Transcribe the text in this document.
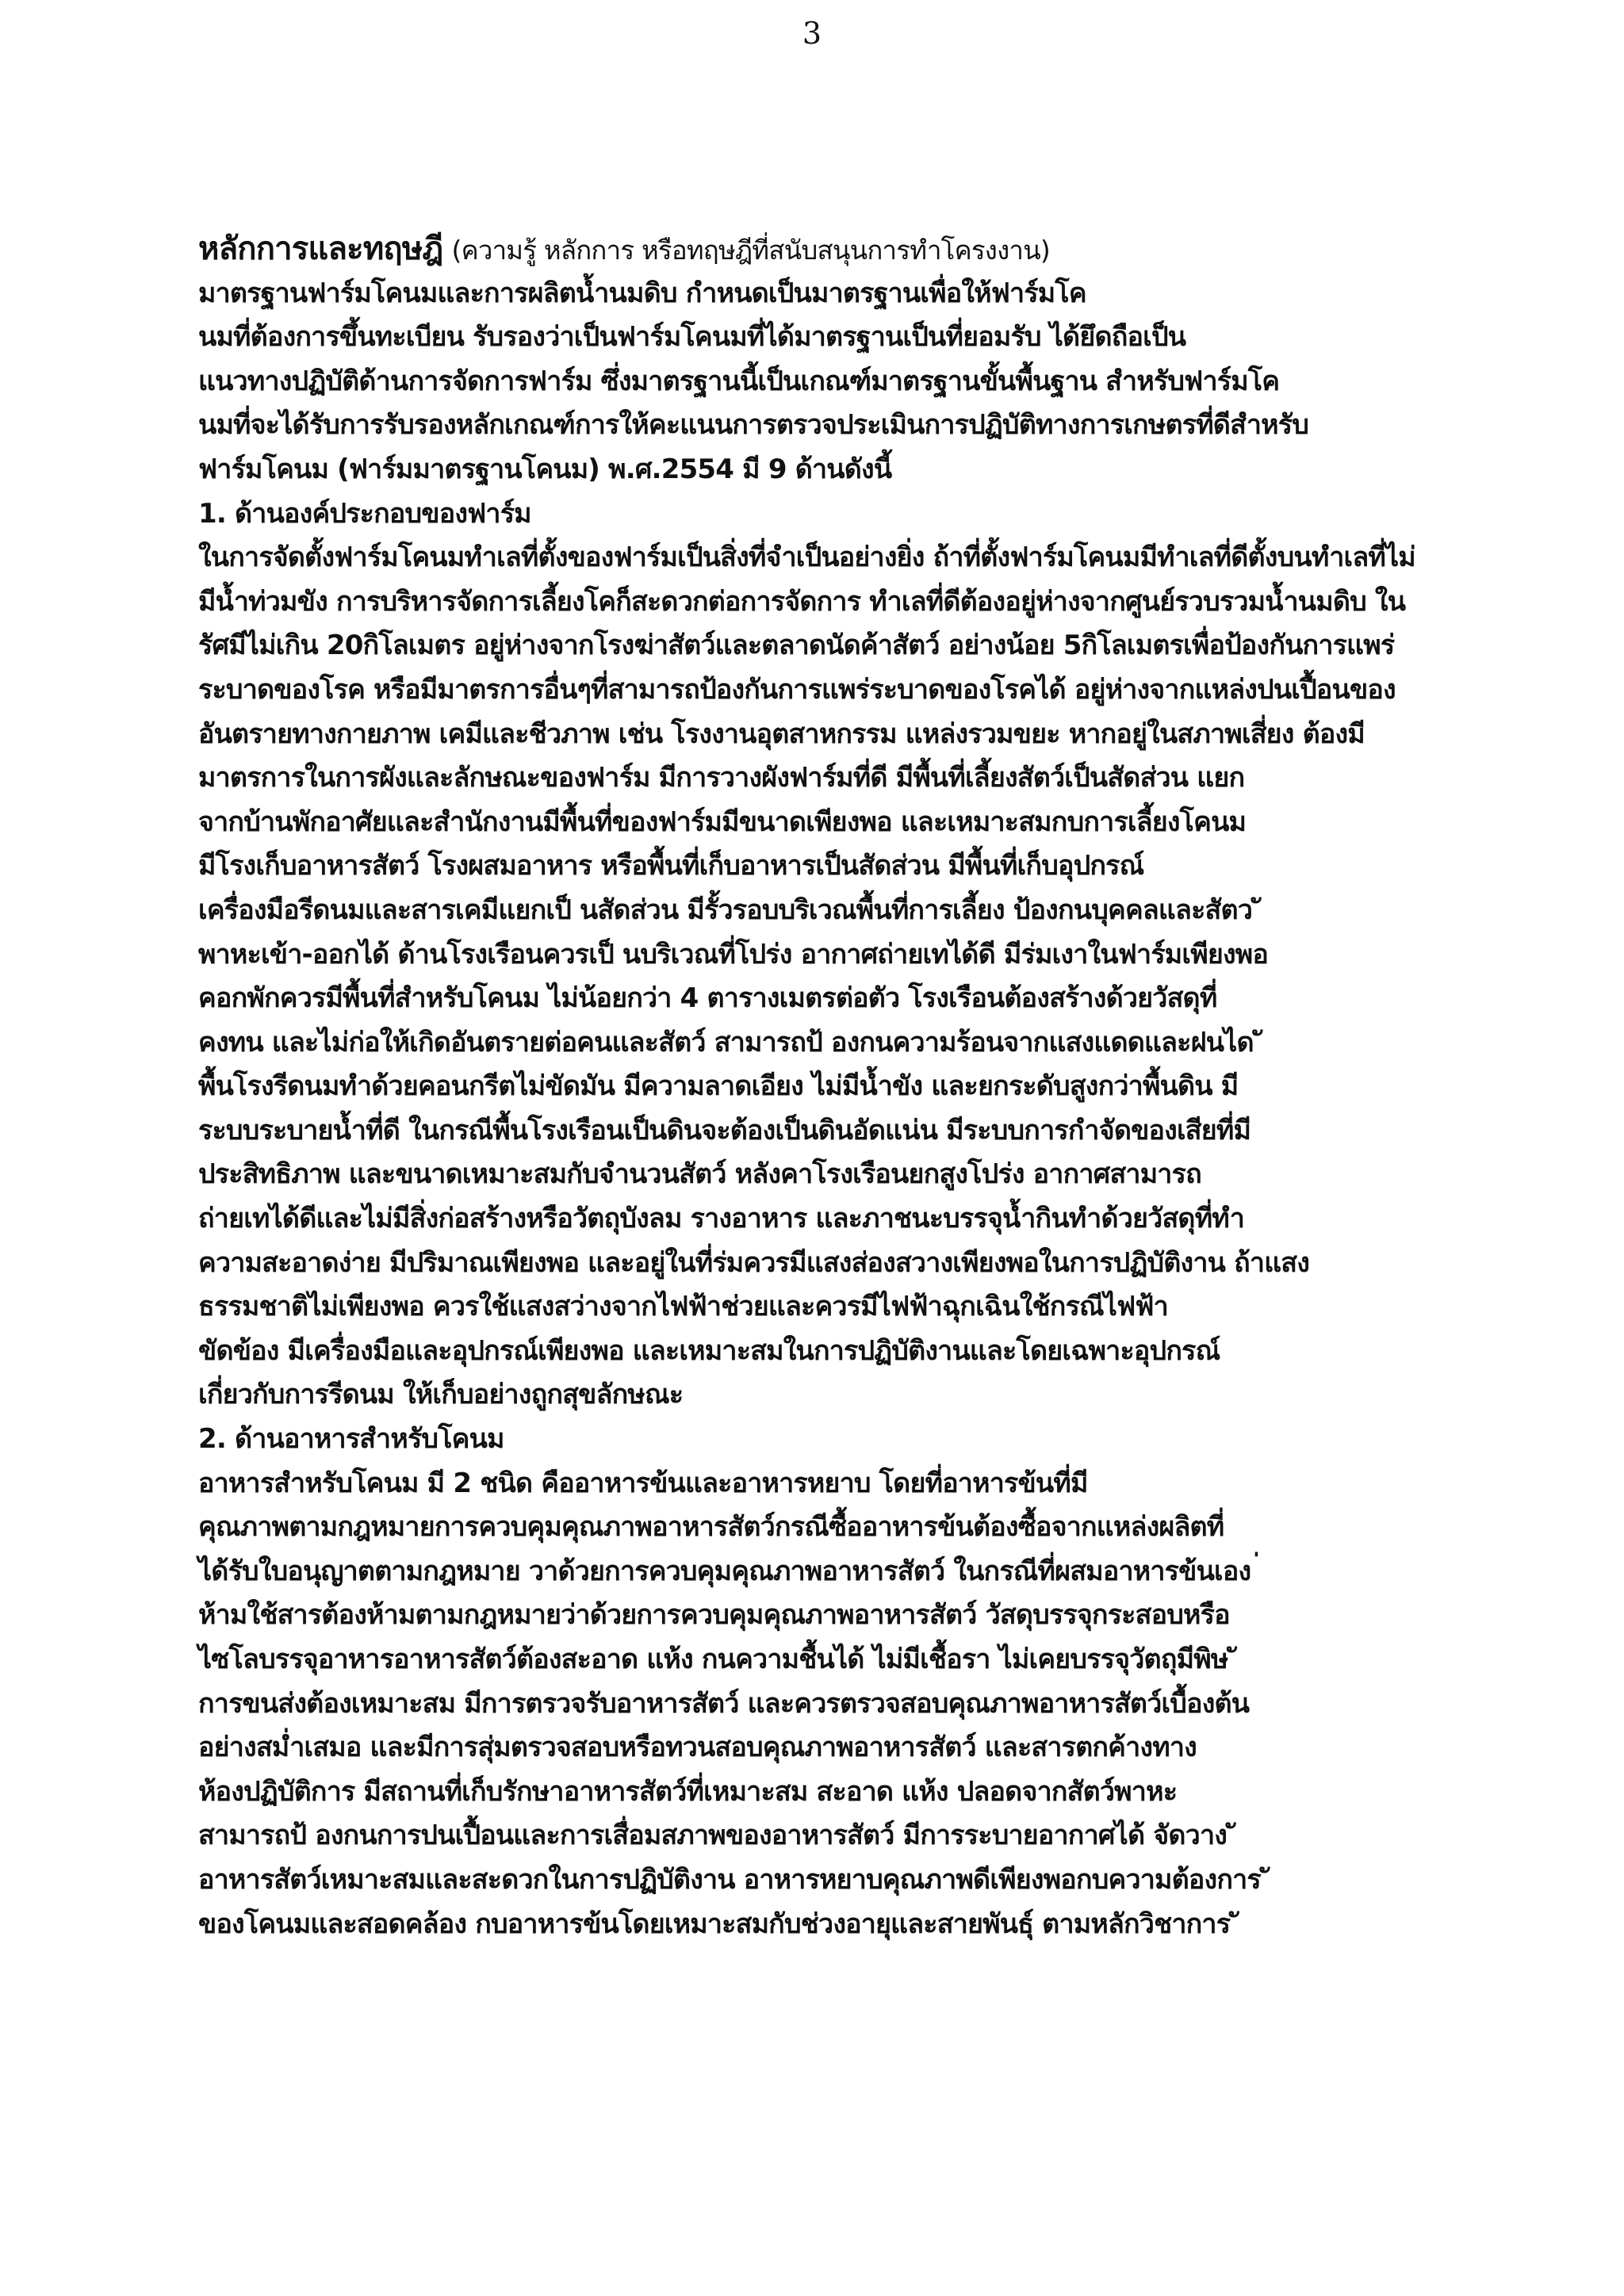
3
หลักการและทฤษฎี (ความรู้ หลักการ หรือทฤษฎีที่สนับสนุนการทำโครงงาน)
มาตรฐานฟาร์มโคนมและการผลิตน้ำนมดิบ กำหนดเป็นมาตรฐานเพื่อให้ฟาร์มโค
นมที่ต้องการขึ้นทะเบียน รับรองว่าเป็นฟาร์มโคนมที่ได้มาตรฐานเป็นที่ยอมรับ ได้ยึดถือเป็น
แนวทางปฏิบัติด้านการจัดการฟาร์ม ซึ่งมาตรฐานนี้เป็นเกณฑ์มาตรฐานขั้นพื้นฐาน สำหรับฟาร์มโค
นมที่จะได้รับการรับรองหลักเกณฑ์การให้คะแนนการตรวจประเมินการปฏิบัติทางการเกษตรที่ดีสำหรับ
ฟาร์มโคนม (ฟาร์มมาตรฐานโคนม) พ.ศ.2554 มี 9 ด้านดังนี้
1. ด้านองค์ประกอบของฟาร์ม
ในการจัดตั้งฟาร์มโคนมทำเลที่ตั้งของฟาร์มเป็นสิ่งที่จำเป็นอย่างยิ่ง ถ้าที่ตั้งฟาร์มโคนมมีทำเลที่ดีตั้งบนทำเลที่ไม่
มีน้ำท่วมขัง การบริหารจัดการเลี้ยงโคก็สะดวกต่อการจัดการ ทำเลที่ดีต้องอยู่ห่างจากศูนย์รวบรวมน้ำนมดิบ ใน
รัศมีไม่เกิน 20กิโลเมตร อยู่ห่างจากโรงฆ่าสัตว์และตลาดนัดค้าสัตว์ อย่างน้อย 5กิโลเมตรเพื่อป้องกันการแพร่
ระบาดของโรค หรือมีมาตรการอื่นๆที่สามารถป้องกันการแพร่ระบาดของโรคได้ อยู่ห่างจากแหล่งปนเปื้อนของ
อันตรายทางกายภาพ เคมีและชีวภาพ เช่น โรงงานอุตสาหกรรม แหล่งรวมขยะ หากอยู่ในสภาพเสี่ยง ต้องมี
มาตรการในการผังและลักษณะของฟาร์ม มีการวางผังฟาร์มที่ดี มีพื้นที่เลี้ยงสัตว์เป็นสัดส่วน แยก
จากบ้านพักอาศัยและสำนักงานมีพื้นที่ของฟาร์มมีขนาดเพียงพอ และเหมาะสมกบการเลี้ยงโคนม
มีโรงเก็บอาหารสัตว์ โรงผสมอาหาร หรือพื้นที่เก็บอาหารเป็นสัดส่วน มีพื้นที่เก็บอุปกรณ์
เครื่องมือรีดนมและสารเคมีแยกเป็ นสัดส่วน มีรั้วรอบบริเวณพื้นที่การเลี้ยง ป้องกนบุคคลและสัตว ั
พาหะเข้า-ออกได้ ด้านโรงเรือนควรเป็ นบริเวณที่โปร่ง อากาศถ่ายเทได้ดี มีร่มเงาในฟาร์มเพียงพอ
คอกพักควรมีพื้นที่สำหรับโคนม ไม่น้อยกว่า 4 ตารางเมตรต่อตัว โรงเรือนต้องสร้างด้วยวัสดุที่
คงทน และไม่ก่อให้เกิดอันตรายต่อคนและสัตว์ สามารถป้ องกนความร้อนจากแสงแดดและฝนได ั
พื้นโรงรีดนมทำด้วยคอนกรีตไม่ขัดมัน มีความลาดเอียง ไม่มีน้ำขัง และยกระดับสูงกว่าพื้นดิน มี
ระบบระบายน้ำที่ดี ในกรณีพื้นโรงเรือนเป็นดินจะต้องเป็นดินอัดแน่น มีระบบการกำจัดของเสียที่มี
ประสิทธิภาพ และขนาดเหมาะสมกับจำนวนสัตว์ หลังคาโรงเรือนยกสูงโปร่ง อากาศสามารถ
ถ่ายเทได้ดีและไม่มีสิ่งก่อสร้างหรือวัตถุบังลม รางอาหาร และภาชนะบรรจุน้ำกินทำด้วยวัสดุที่ทำ
ความสะอาดง่าย มีปริมาณเพียงพอ และอยู่ในที่ร่มควรมีแสงส่องสวางเพียงพอในการปฏิบัติงาน ถ้าแสง
ธรรมชาติไม่เพียงพอ ควรใช้แสงสว่างจากไฟฟ้าช่วยและควรมีไฟฟ้าฉุกเฉินใช้กรณีไฟฟ้า
ขัดข้อง มีเครื่องมือและอุปกรณ์เพียงพอ และเหมาะสมในการปฏิบัติงานและโดยเฉพาะอุปกรณ์
เกี่ยวกับการรีดนม ให้เก็บอย่างถูกสุขลักษณะ
2. ด้านอาหารสำหรับโคนม
อาหารสำหรับโคนม มี 2 ชนิด คืออาหารข้นและอาหารหยาบ โดยที่อาหารข้นที่มี
คุณภาพตามกฎหมายการควบคุมคุณภาพอาหารสัตว์กรณีซื้ออาหารข้นต้องซื้อจากแหล่งผลิตที่
ได้รับใบอนุญาตตามกฎหมาย วาด้วยการควบคุมคุณภาพอาหารสัตว์ ในกรณีที่ผสมอาหารข้นเอง ่
ห้ามใช้สารต้องห้ามตามกฎหมายว่าด้วยการควบคุมคุณภาพอาหารสัตว์ วัสดุบรรจุกระสอบหรือ
ไซโลบรรจุอาหารอาหารสัตว์ต้องสะอาด แห้ง กนความชื้นได้ ไม่มีเชื้อรา ไม่เคยบรรจุวัตถุมีพิษ ั
การขนส่งต้องเหมาะสม มีการตรวจรับอาหารสัตว์ และควรตรวจสอบคุณภาพอาหารสัตว์เบื้องต้น
อย่างสม่ำเสมอ และมีการสุ่มตรวจสอบหรือทวนสอบคุณภาพอาหารสัตว์ และสารตกค้างทาง
ห้องปฏิบัติการ มีสถานที่เก็บรักษาอาหารสัตว์ที่เหมาะสม สะอาด แห้ง ปลอดจากสัตว์พาหะ
สามารถป้ องกนการปนเปื้อนและการเสื่อมสภาพของอาหารสัตว์ มีการระบายอากาศได้ จัดวาง ั
อาหารสัตว์เหมาะสมและสะดวกในการปฏิบัติงาน อาหารหยาบคุณภาพดีเพียงพอกบความต้องการ ั
ของโคนมและสอดคล้อง กบอาหารข้นโดยเหมาะสมกับช่วงอายุและสายพันธุ์ ตามหลักวิชาการ ั
